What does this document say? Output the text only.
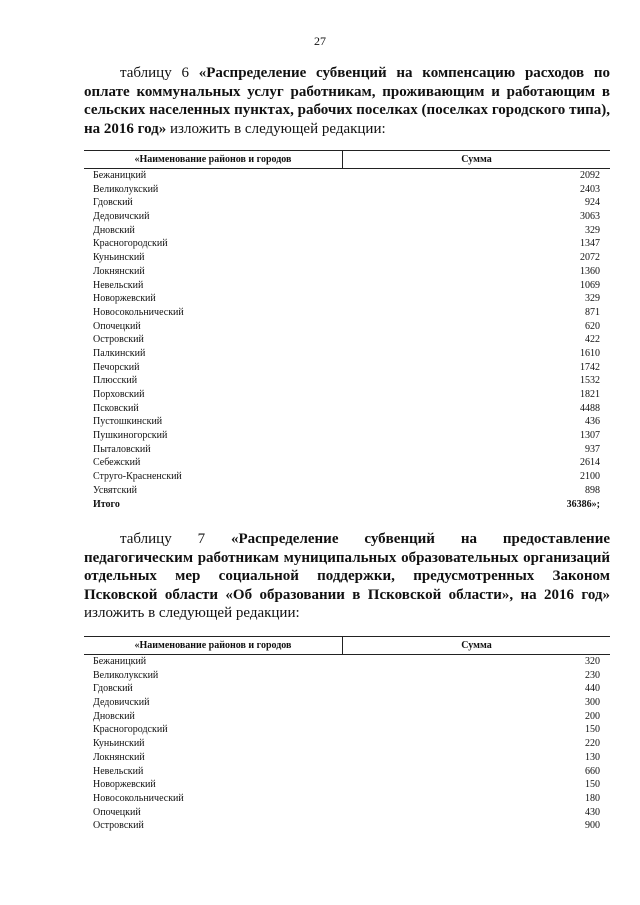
27
таблицу 6 «Распределение субвенций на компенсацию расходов по оплате коммунальных услуг работникам, проживающим и работающим в сельских населенных пунктах, рабочих поселках (поселках городского типа), на 2016 год» изложить в следующей редакции:
«Наименование районов и городов	Сумма
Бежаницкий	2092
Великолукский	2403
Гдовский	924
Дедовичский	3063
Дновский	329
Красногородский	1347
Куньинский	2072
Локнянский	1360
Невельский	1069
Новоржевский	329
Новосокольнический	871
Опочецкий	620
Островский	422
Палкинский	1610
Печорский	1742
Плюсский	1532
Порховский	1821
Псковский	4488
Пустошкинский	436
Пушкиногорский	1307
Пыталовский	937
Себежский	2614
Струго-Красненский	2100
Усвятский	898
Итого	36386»;
таблицу 7 «Распределение субвенций на предоставление педагогическим работникам муниципальных образовательных организаций отдельных мер социальной поддержки, предусмотренных Законом Псковской области «Об образовании в Псковской области», на 2016 год» изложить в следующей редакции:
«Наименование районов и городов	Сумма
Бежаницкий	320
Великолукский	230
Гдовский	440
Дедовичский	300
Дновский	200
Красногородский	150
Куньинский	220
Локнянский	130
Невельский	660
Новоржевский	150
Новосокольнический	180
Опочецкий	430
Островский	900
